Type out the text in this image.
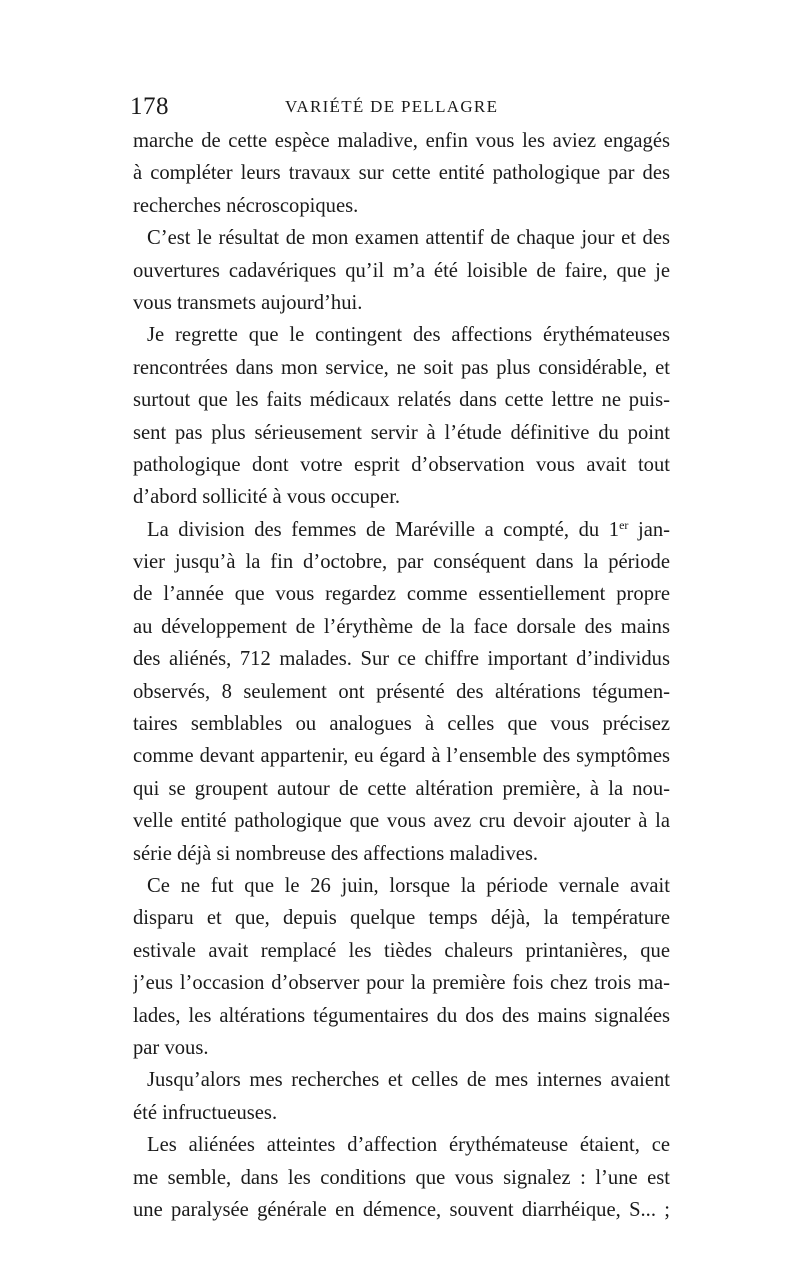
178	VARIÉTÉ DE PELLAGRE
marche de cette espèce maladive, enfin vous les aviez engagés
à compléter leurs travaux sur cette entité pathologique par des
recherches nécroscopiques.
C’est le résultat de mon examen attentif de chaque jour et des
ouvertures cadavériques qu’il m’a été loisible de faire, que je
vous transmets aujourd’hui.
Je regrette que le contingent des affections érythémateuses
rencontrées dans mon service, ne soit pas plus considérable, et
surtout que les faits médicaux relatés dans cette lettre ne puis-
sent pas plus sérieusement servir à l’étude définitive du point
pathologique dont votre esprit d’observation vous avait tout
d’abord sollicité à vous occuper.
La division des femmes de Maréville a compté, du 1er jan-
vier jusqu’à la fin d’octobre, par conséquent dans la période
de l’année que vous regardez comme essentiellement propre
au développement de l’érythème de la face dorsale des mains
des aliénés, 712 malades. Sur ce chiffre important d’individus
observés, 8 seulement ont présenté des altérations tégumen-
taires semblables ou analogues à celles que vous précisez
comme devant appartenir, eu égard à l’ensemble des symptômes
qui se groupent autour de cette altération première, à la nou-
velle entité pathologique que vous avez cru devoir ajouter à la
série déjà si nombreuse des affections maladives.
Ce ne fut que le 26 juin, lorsque la période vernale avait
disparu et que, depuis quelque temps déjà, la température
estivale avait remplacé les tièdes chaleurs printanières, que
j’eus l’occasion d’observer pour la première fois chez trois ma-
lades, les altérations tégumentaires du dos des mains signalées
par vous.
Jusqu’alors mes recherches et celles de mes internes avaient
été infructueuses.
Les aliénées atteintes d’affection érythémateuse étaient, ce
me semble, dans les conditions que vous signalez : l’une est
une paralysée générale en démence, souvent diarrhéique, S... ;
